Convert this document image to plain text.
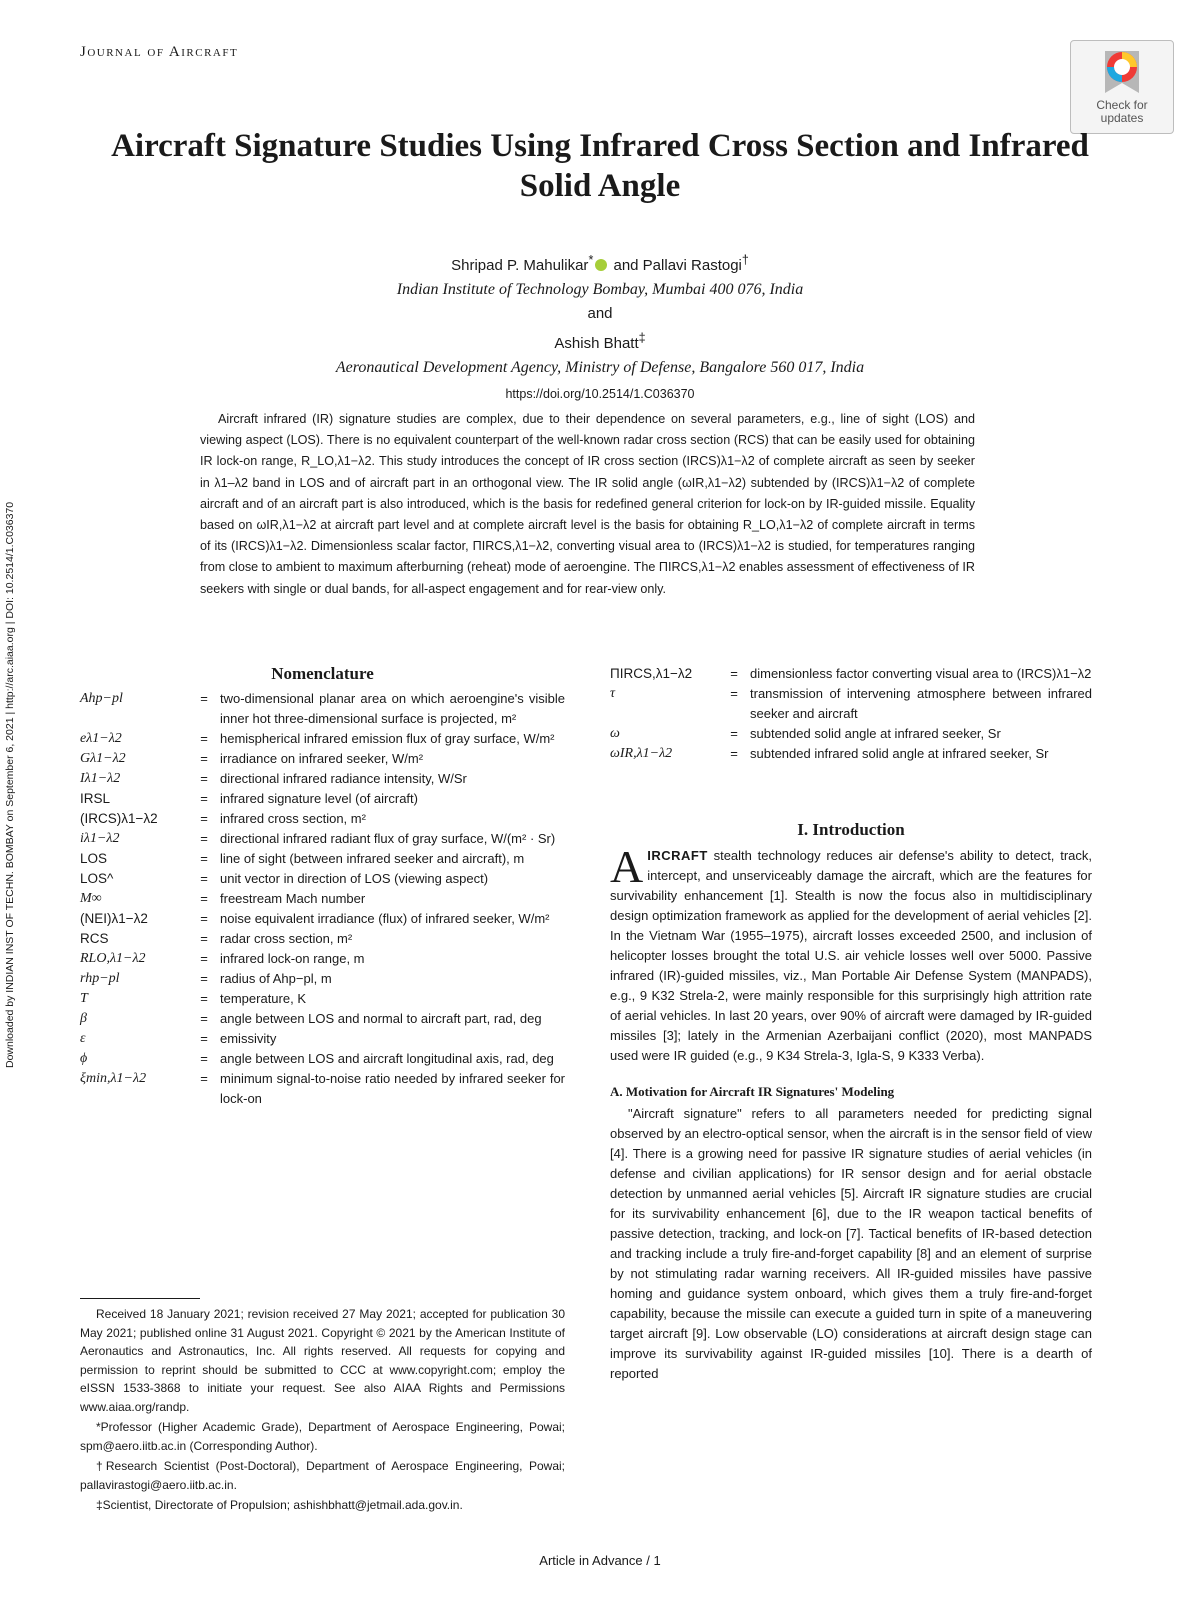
Journal of Aircraft
Check for
updates
Downloaded by INDIAN INST OF TECHN. BOMBAY on September 6, 2021 | http://arc.aiaa.org | DOI: 10.2514/1.C036370
Aircraft Signature Studies Using Infrared Cross Section and Infrared Solid Angle
Shripad P. Mahulikar* and Pallavi Rastogi†
Indian Institute of Technology Bombay, Mumbai 400 076, India
and
Ashish Bhatt‡
Aeronautical Development Agency, Ministry of Defense, Bangalore 560 017, India
https://doi.org/10.2514/1.C036370

Aircraft infrared (IR) signature studies are complex, due to their dependence on several parameters, e.g., line of sight (LOS) and viewing aspect (LOS). There is no equivalent counterpart of the well-known radar cross section (RCS) that can be easily used for obtaining IR lock-on range, R_LO,λ1−λ2. This study introduces the concept of IR cross section (IRCS)λ1−λ2 of complete aircraft as seen by seeker in λ1–λ2 band in LOS and of aircraft part in an orthogonal view. The IR solid angle (ωIR,λ1−λ2) subtended by (IRCS)λ1−λ2 of complete aircraft and of an aircraft part is also introduced, which is the basis for redefined general criterion for lock-on by IR-guided missile. Equality based on ωIR,λ1−λ2 at aircraft part level and at complete aircraft level is the basis for obtaining R_LO,λ1−λ2 of complete aircraft in terms of its (IRCS)λ1−λ2. Dimensionless scalar factor, ΠIRCS,λ1−λ2, converting visual area to (IRCS)λ1−λ2 is studied, for temperatures ranging from close to ambient to maximum afterburning (reheat) mode of aeroengine. The ΠIRCS,λ1−λ2 enables assessment of effectiveness of IR seekers with single or dual bands, for all-aspect engagement and for rear-view only.

Nomenclature
Ahp−pl	= two-dimensional planar area on which aeroengine's visible inner hot three-dimensional surface is projected, m²
eλ1−λ2	= hemispherical infrared emission flux of gray surface, W/m²
Gλ1−λ2	= irradiance on infrared seeker, W/m²
Iλ1−λ2	= directional infrared radiance intensity, W/Sr
IRSL	= infrared signature level (of aircraft)
(IRCS)λ1−λ2	= infrared cross section, m²
iλ1−λ2	= directional infrared radiant flux of gray surface, W/(m² · Sr)
LOS	= line of sight (between infrared seeker and aircraft), m
LOS^	= unit vector in direction of LOS (viewing aspect)
M∞	= freestream Mach number
(NEI)λ1−λ2	= noise equivalent irradiance (flux) of infrared seeker, W/m²
RCS	= radar cross section, m²
RLO,λ1−λ2	= infrared lock-on range, m
rhp−pl	= radius of Ahp−pl, m
T	= temperature, K
β	= angle between LOS and normal to aircraft part, rad, deg
ε	= emissivity
ϕ	= angle between LOS and aircraft longitudinal axis, rad, deg
ξmin,λ1−λ2	= minimum signal-to-noise ratio needed by infrared seeker for lock-on
ΠIRCS,λ1−λ2	= dimensionless factor converting visual area to (IRCS)λ1−λ2
τ	= transmission of intervening atmosphere between infrared seeker and aircraft
ω	= subtended solid angle at infrared seeker, Sr
ωIR,λ1−λ2	= subtended infrared solid angle at infrared seeker, Sr
I. Introduction

AIRCRAFT stealth technology reduces air defense's ability to detect, track, intercept, and unserviceably damage the aircraft, which are the features for survivability enhancement [1]. Stealth is now the focus also in multidisciplinary design optimization framework as applied for the development of aerial vehicles [2]. In the Vietnam War (1955–1975), aircraft losses exceeded 2500, and inclusion of helicopter losses brought the total U.S. air vehicle losses well over 5000. Passive infrared (IR)-guided missiles, viz., Man Portable Air Defense System (MANPADS), e.g., 9 K32 Strela-2, were mainly responsible for this surprisingly high attrition rate of aerial vehicles. In last 20 years, over 90% of aircraft were damaged by IR-guided missiles [3]; lately in the Armenian Azerbaijani conflict (2020), most MANPADS used were IR guided (e.g., 9 K34 Strela-3, Igla-S, 9 K333 Verba).

A. Motivation for Aircraft IR Signatures' Modeling

"Aircraft signature" refers to all parameters needed for predicting signal observed by an electro-optical sensor, when the aircraft is in the sensor field of view [4]. There is a growing need for passive IR signature studies of aerial vehicles (in defense and civilian applications) for IR sensor design and for aerial obstacle detection by unmanned aerial vehicles [5]. Aircraft IR signature studies are crucial for its survivability enhancement [6], due to the IR weapon tactical benefits of passive detection, tracking, and lock-on [7]. Tactical benefits of IR-based detection and tracking include a truly fire-and-forget capability [8] and an element of surprise by not stimulating radar warning receivers. All IR-guided missiles have passive homing and guidance system onboard, which gives them a truly fire-and-forget capability, because the missile can execute a guided turn in spite of a maneuvering target aircraft [9]. Low observable (LO) considerations at aircraft design stage can improve its survivability against IR-guided missiles [10]. There is a dearth of reported

Received 18 January 2021; revision received 27 May 2021; accepted for publication 30 May 2021; published online 31 August 2021. Copyright © 2021 by the American Institute of Aeronautics and Astronautics, Inc. All rights reserved. All requests for copying and permission to reprint should be submitted to CCC at www.copyright.com; employ the eISSN 1533-3868 to initiate your request. See also AIAA Rights and Permissions www.aiaa.org/randp.

*Professor (Higher Academic Grade), Department of Aerospace Engineering, Powai; spm@aero.iitb.ac.in (Corresponding Author).

†Research Scientist (Post-Doctoral), Department of Aerospace Engineering, Powai; pallavirastogi@aero.iitb.ac.in.

‡Scientist, Directorate of Propulsion; ashishbhatt@jetmail.ada.gov.in.

Article in Advance / 1
